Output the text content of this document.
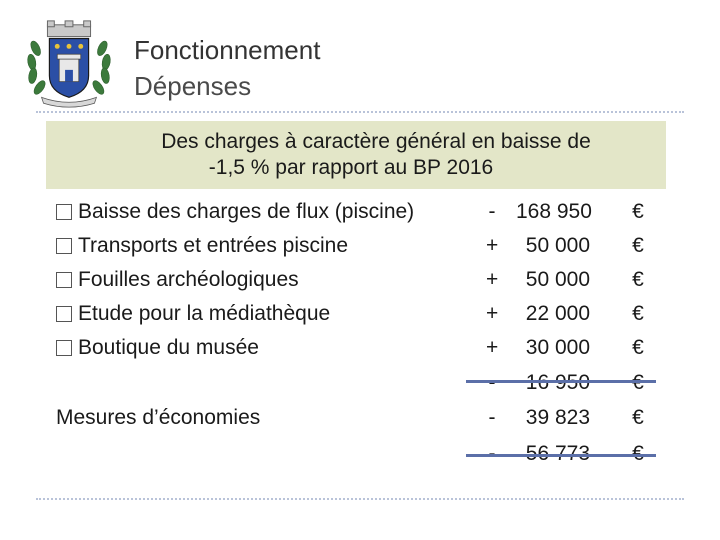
Fonctionnement
Dépenses
Des charges à caractère général en baisse de
-1,5 % par rapport au BP 2016
Baisse des charges de flux (piscine)	- 168 950 €
Transports et entrées piscine	+	50 000 €
Fouilles archéologiques	+	50 000 €
Etude pour la médiathèque	+	22 000 €
Boutique du musée	+	30 000 €
-	16 950 €
Mesures d’économies	-	39 823 €
-	56 773 €
